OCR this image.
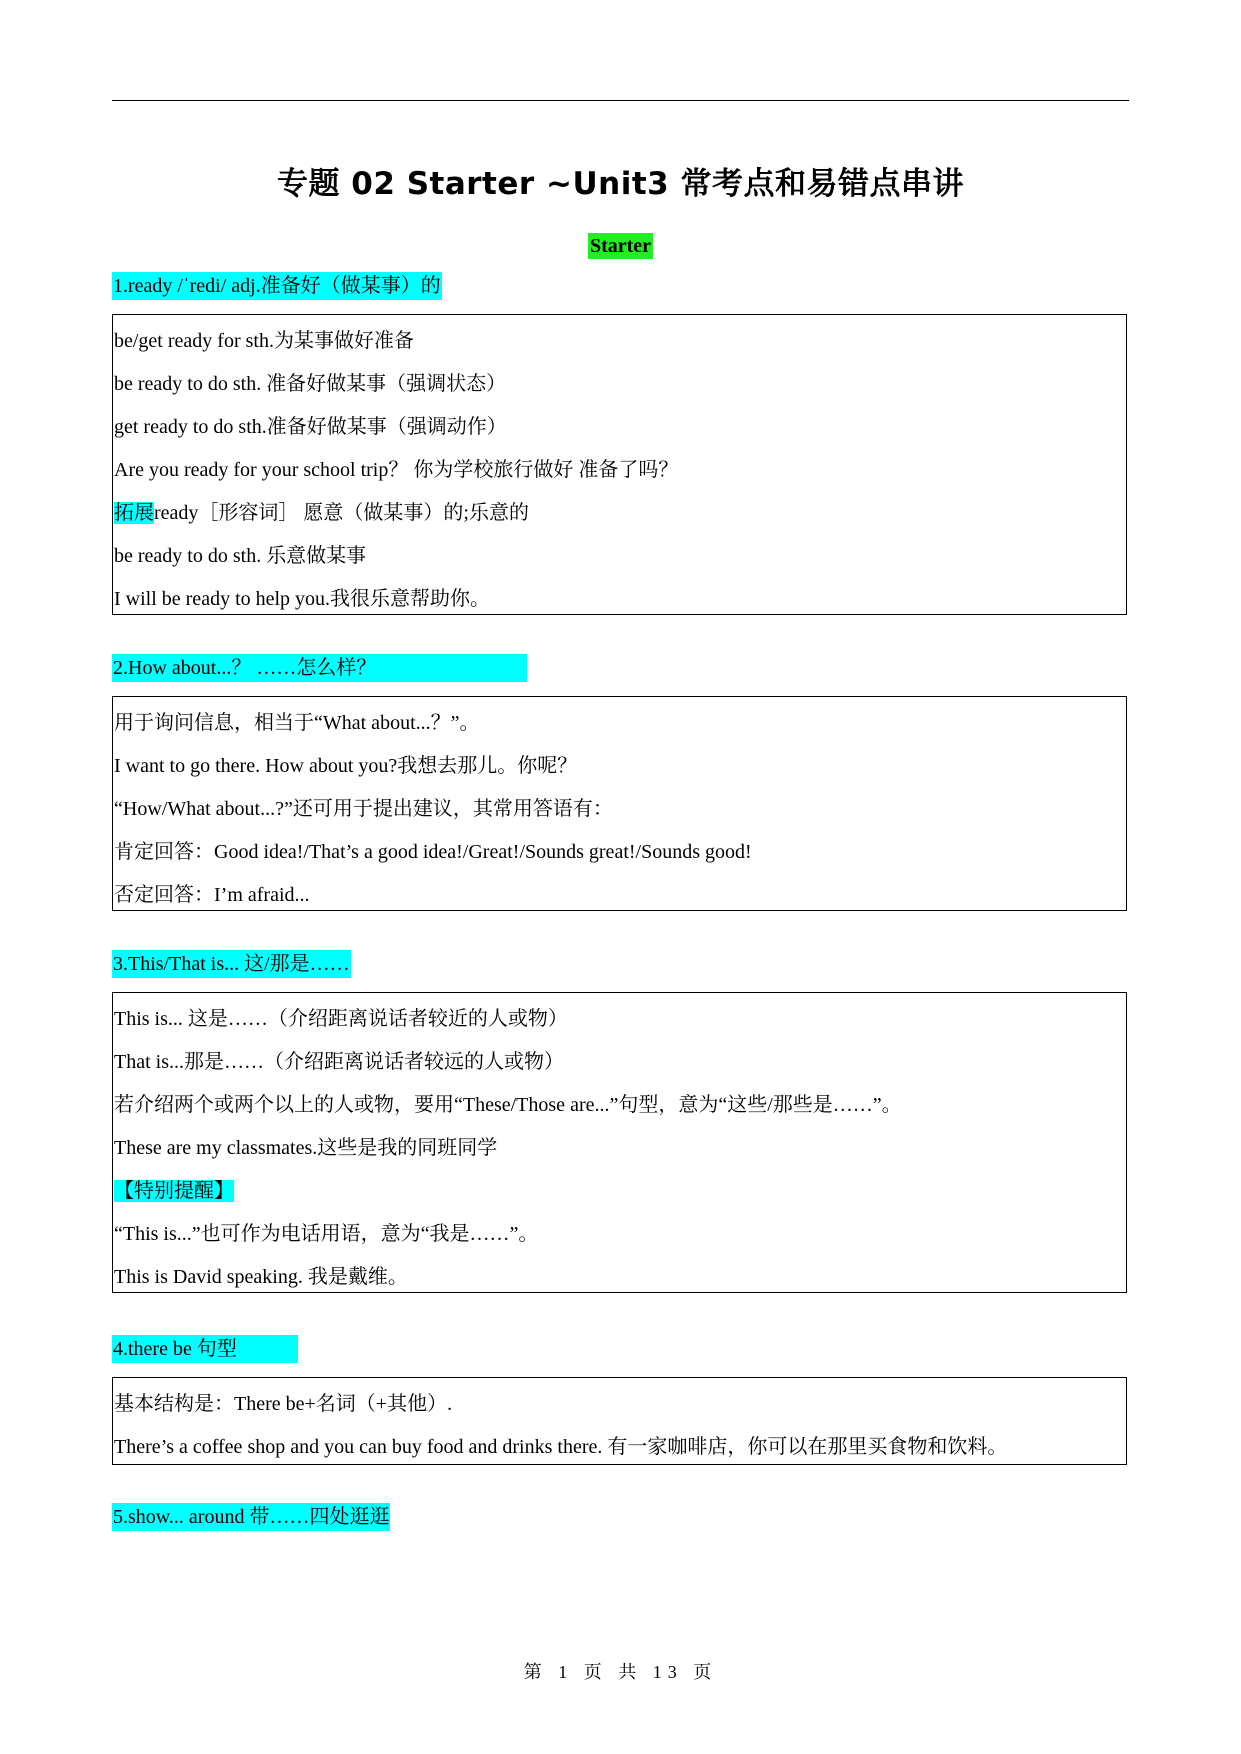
专题 02 Starter ~Unit3 常考点和易错点串讲
Starter
1.ready /ˈredi/ adj.准备好（做某事）的
be/get ready for sth.为某事做好准备
be ready to do sth. 准备好做某事（强调状态）
get ready to do sth.准备好做某事（强调动作）
Are you ready for your school trip？ 你为学校旅行做好 准备了吗？
拓展ready［形容词］ 愿意（做某事）的;乐意的
be ready to do sth. 乐意做某事
I will be ready to help you.我很乐意帮助你。
2.How about...？ ……怎么样？
用于询问信息，相当于“What about...？”。
I want to go there. How about you?我想去那儿。你呢？
“How/What about...?”还可用于提出建议，其常用答语有：
肯定回答：Good idea!/That’s a good idea!/Great!/Sounds great!/Sounds good!
否定回答：I’m afraid...
3.This/That is... 这/那是……
This is... 这是……（介绍距离说话者较近的人或物）
That is...那是……（介绍距离说话者较远的人或物）
若介绍两个或两个以上的人或物，要用“These/Those are...”句型，意为“这些/那些是……”。
These are my classmates.这些是我的同班同学
【特别提醒】
“This is...”也可作为电话用语，意为“我是……”。
This is David speaking. 我是戴维。
4.there be 句型
基本结构是：There be+名词（+其他）.
There’s a coffee shop and you can buy food and drinks there. 有一家咖啡店，你可以在那里买食物和饮料。
5.show... around 带……四处逛逛
第 1 页 共 13 页
